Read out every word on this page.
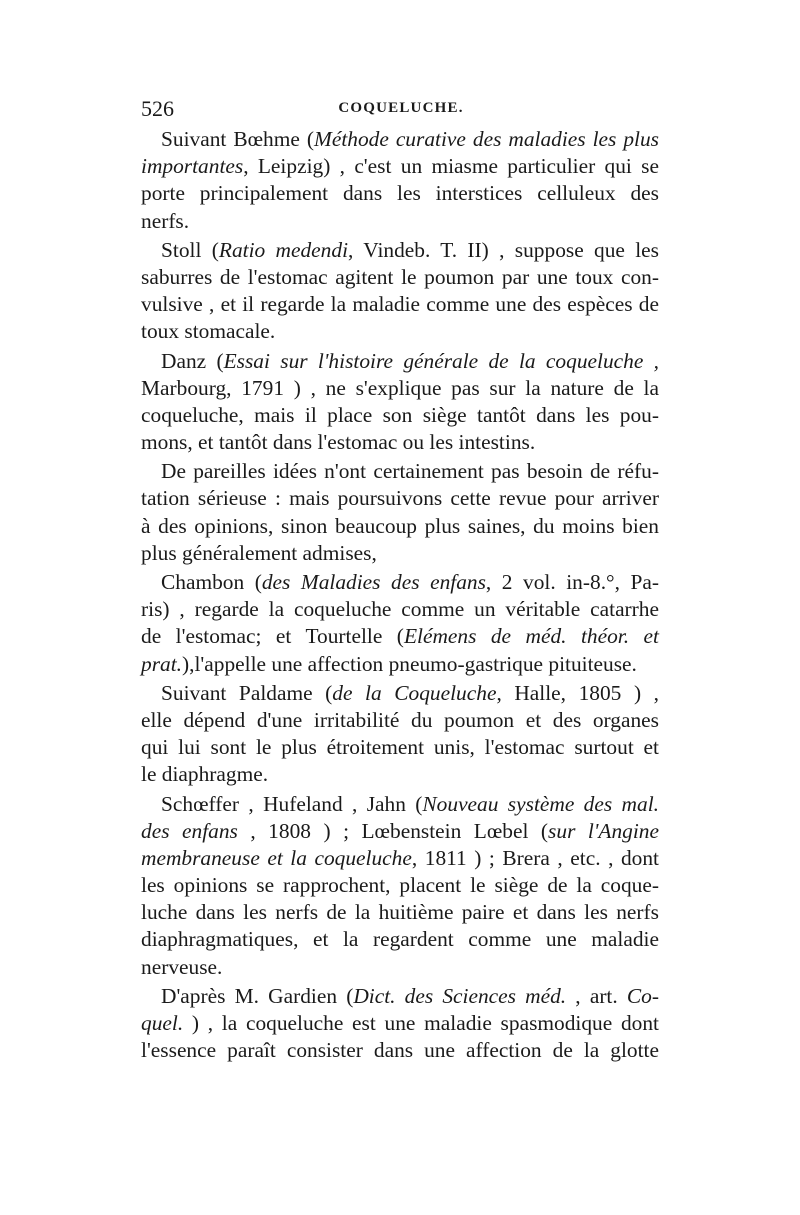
526	COQUELUCHE.
Suivant Bœhme (Méthode curative des maladies les plus
importantes, Leipzig) , c'est un miasme particulier qui se
porte principalement dans les interstices celluleux des
nerfs.
Stoll (Ratio medendi, Vindeb. T. II) , suppose que les
saburres de l'estomac agitent le poumon par une toux con-
vulsive , et il regarde la maladie comme une des espèces de
toux stomacale.
Danz (Essai sur l'histoire générale de la coqueluche ,
Marbourg, 1791 ) , ne s'explique pas sur la nature de la
coqueluche, mais il place son siège tantôt dans les pou-
mons, et tantôt dans l'estomac ou les intestins.
De pareilles idées n'ont certainement pas besoin de réfu-
tation sérieuse : mais poursuivons cette revue pour arriver
à des opinions, sinon beaucoup plus saines, du moins bien
plus généralement admises,
Chambon (des Maladies des enfans, 2 vol. in-8.°, Pa-
ris) , regarde la coqueluche comme un véritable catarrhe
de l'estomac; et Tourtelle (Elémens de méd. théor. et
prat.),l'appelle une affection pneumo-gastrique pituiteuse.
Suivant Paldame (de la Coqueluche, Halle, 1805 ) ,
elle dépend d'une irritabilité du poumon et des organes
qui lui sont le plus étroitement unis, l'estomac surtout et
le diaphragme.
Schœffer , Hufeland , Jahn (Nouveau système des mal.
des enfans , 1808 ) ; Lœbenstein Lœbel (sur l'Angine
membraneuse et la coqueluche, 1811 ) ; Brera , etc. , dont
les opinions se rapprochent, placent le siège de la coque-
luche dans les nerfs de la huitième paire et dans les nerfs
diaphragmatiques, et la regardent comme une maladie
nerveuse.
D'après M. Gardien (Dict. des Sciences méd. , art. Co-
quel. ) , la coqueluche est une maladie spasmodique dont
l'essence paraît consister dans une affection de la glotte
